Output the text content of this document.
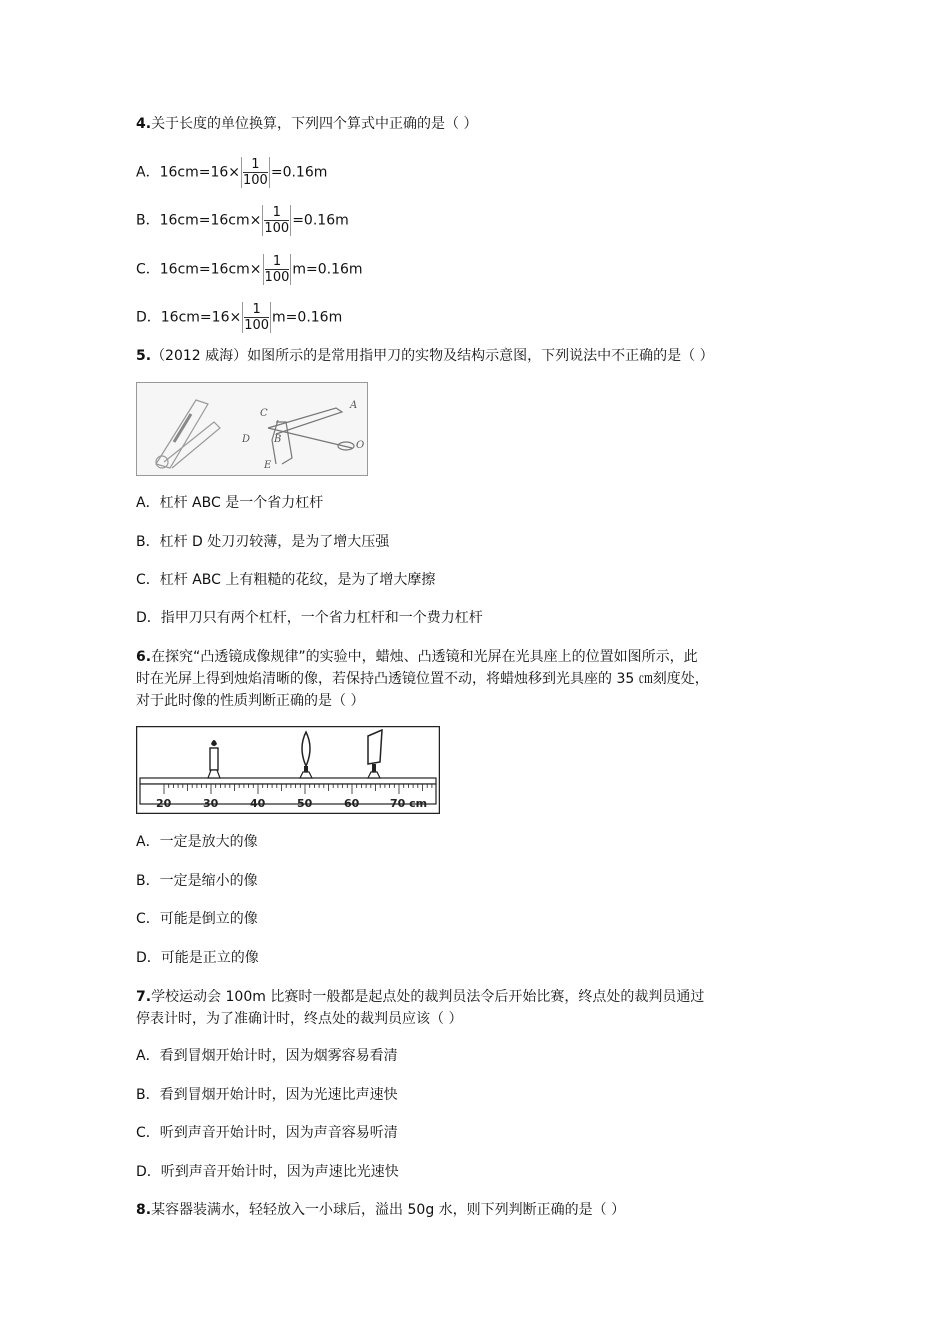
4.关于长度的单位换算，下列四个算式中正确的是（ ）
A．$16cm=16\times \frac{1}{100} =0.16m$
B．$16cm=16cm\times \frac{1}{100} =0.16m$
C．$16cm=16cm\times \frac{1}{100} m=0.16m$
D．$16cm=16\times \frac{1}{100} m=0.16m$
5.（2012 威海）如图所示的是常用指甲刀的实物及结构示意图，下列说法中不正确的是（ ）
C
A
D B
O
E
A．杠杆 ABC 是一个省力杠杆
B．杠杆 D 处刀刃较薄，是为了增大压强
C．杠杆 ABC 上有粗糙的花纹，是为了增大摩擦
D．指甲刀只有两个杠杆，一个省力杠杆和一个费力杠杆
6.在探究“凸透镜成像规律”的实验中，蜡烛、凸透镜和光屏在光具座上的位置如图所示，此
时在光屏上得到烛焰清晰的像，若保持凸透镜位置不动，将蜡烛移到光具座的 35 ㎝刻度处，
对于此时像的性质判断正确的是（ ）
20	30	40	50	60	70 cm
A．一定是放大的像
B．一定是缩小的像
C．可能是倒立的像
D．可能是正立的像
7.学校运动会 100m 比赛时一般都是起点处的裁判员法令后开始比赛，终点处的裁判员通过
停表计时，为了准确计时，终点处的裁判员应该（ ）
A．看到冒烟开始计时，因为烟雾容易看清
B．看到冒烟开始计时，因为光速比声速快
C．听到声音开始计时，因为声音容易听清
D．听到声音开始计时，因为声速比光速快
8.某容器装满水，轻轻放入一小球后，溢出 50g 水，则下列判断正确的是（ ）
